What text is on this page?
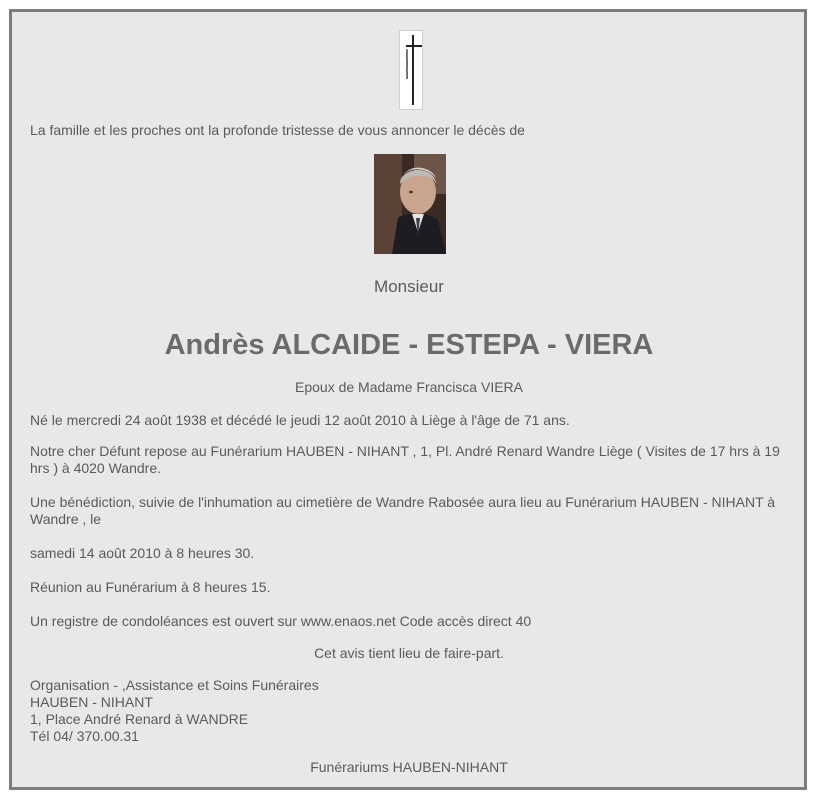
La famille et les proches ont la profonde tristesse de vous annoncer le décès de

Monsieur

Andrès ALCAIDE - ESTEPA - VIERA

Epoux de Madame Francisca VIERA

Né le mercredi 24 août 1938 et décédé le jeudi 12 août 2010 à Liège à l'âge de 71 ans.

Notre cher Défunt repose au Funérarium HAUBEN - NIHANT , 1, Pl. André Renard Wandre Liège ( Visites de 17 hrs à 19 hrs ) à 4020 Wandre.

Une bénédiction, suivie de l'inhumation au cimetière de Wandre Rabosée aura lieu au Funérarium HAUBEN - NIHANT à Wandre , le

samedi 14 août 2010 à 8 heures 30.

Réunion au Funérarium à 8 heures 15.

Un registre de condoléances est ouvert sur www.enaos.net Code accès direct 40

Cet avis tient lieu de faire-part.

Organisation - ,Assistance et Soins Funéraires
HAUBEN - NIHANT
1, Place André Renard à WANDRE
Tél 04/ 370.00.31

Funérariums HAUBEN-NIHANT
